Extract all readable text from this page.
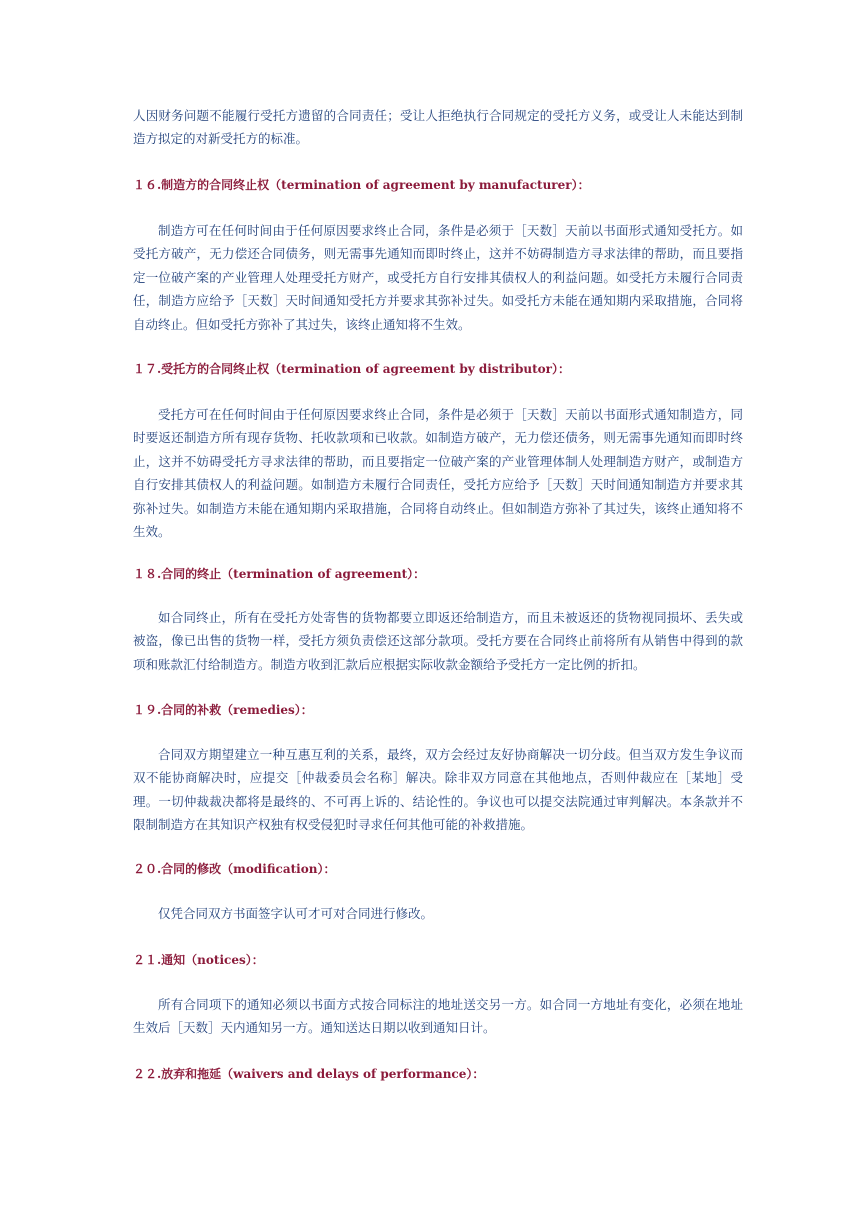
人因财务问题不能履行受托方遗留的合同责任；受让人拒绝执行合同规定的受托方义务，或受让人未能达到制造方拟定的对新受托方的标准。

１６.制造方的合同终止权（termination of agreement by manufacturer）：

制造方可在任何时间由于任何原因要求终止合同，条件是必须于［天数］天前以书面形式通知受托方。如受托方破产，无力偿还合同债务，则无需事先通知而即时终止，这并不妨碍制造方寻求法律的帮助，而且要指定一位破产案的产业管理人处理受托方财产，或受托方自行安排其债权人的利益问题。如受托方未履行合同责任，制造方应给予［天数］天时间通知受托方并要求其弥补过失。如受托方未能在通知期内采取措施，合同将自动终止。但如受托方弥补了其过失，该终止通知将不生效。

１７.受托方的合同终止权（termination of agreement by distributor）：

受托方可在任何时间由于任何原因要求终止合同，条件是必须于［天数］天前以书面形式通知制造方，同时要返还制造方所有现存货物、托收款项和已收款。如制造方破产，无力偿还债务，则无需事先通知而即时终止，这并不妨碍受托方寻求法律的帮助，而且要指定一位破产案的产业管理体制人处理制造方财产，或制造方自行安排其债权人的利益问题。如制造方未履行合同责任，受托方应给予［天数］天时间通知制造方并要求其弥补过失。如制造方未能在通知期内采取措施，合同将自动终止。但如制造方弥补了其过失，该终止通知将不生效。

１８.合同的终止（termination of agreement）：

如合同终止，所有在受托方处寄售的货物都要立即返还给制造方，而且未被返还的货物视同损坏、丢失或被盗，像已出售的货物一样，受托方须负责偿还这部分款项。受托方要在合同终止前将所有从销售中得到的款项和账款汇付给制造方。制造方收到汇款后应根据实际收款金额给予受托方一定比例的折扣。

１９.合同的补救（remedies）：

合同双方期望建立一种互惠互利的关系，最终，双方会经过友好协商解决一切分歧。但当双方发生争议而双不能协商解决时，应提交［仲裁委员会名称］解决。除非双方同意在其他地点，否则仲裁应在［某地］受理。一切仲裁裁决都将是最终的、不可再上诉的、结论性的。争议也可以提交法院通过审判解决。本条款并不限制制造方在其知识产权独有权受侵犯时寻求任何其他可能的补救措施。

２０.合同的修改（modification）：

仅凭合同双方书面签字认可才可对合同进行修改。

２１.通知（notices）：

所有合同项下的通知必须以书面方式按合同标注的地址送交另一方。如合同一方地址有变化，必须在地址生效后［天数］天内通知另一方。通知送达日期以收到通知日计。

２２.放弃和拖延（waivers and delays of performance）：
